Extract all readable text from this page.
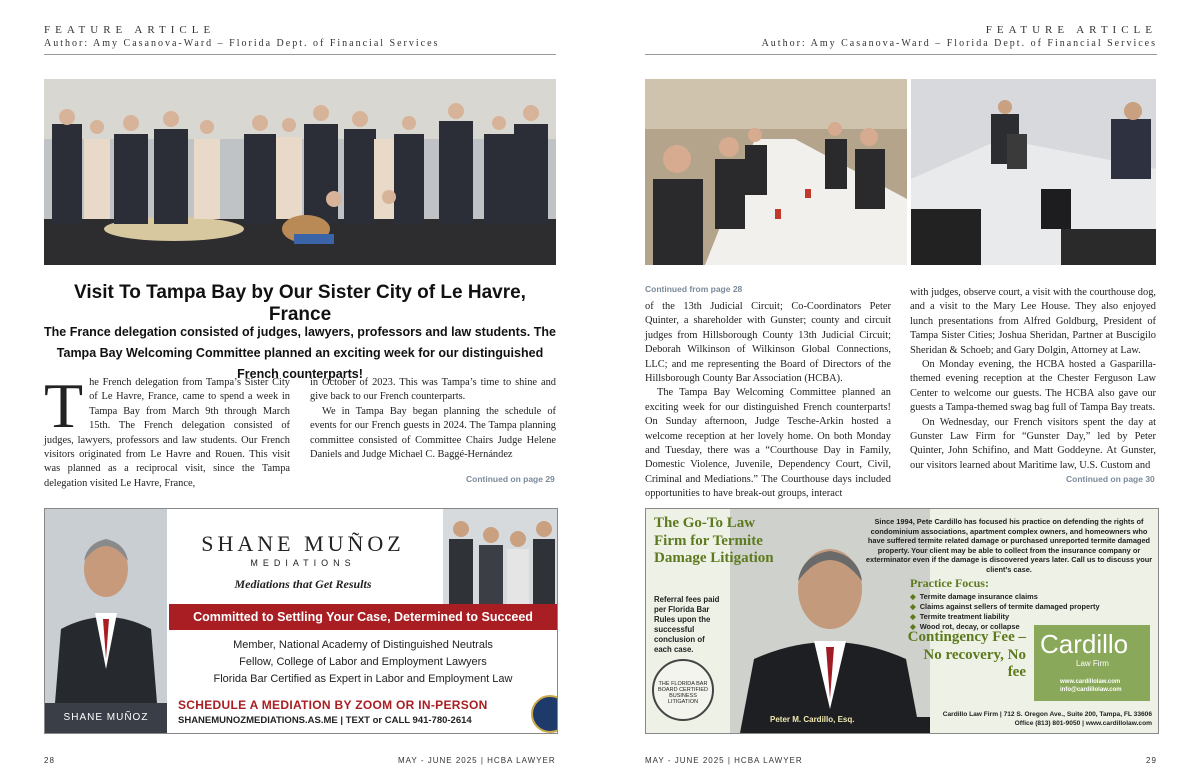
FEATURE ARTICLE
Author: Amy Casanova-Ward – Florida Dept. of Financial Services
Visit To Tampa Bay by Our Sister City of Le Havre, France
The France delegation consisted of judges, lawyers, professors and law students. The Tampa Bay Welcoming Committee planned an exciting week for our distinguished French counterparts!
T he French delegation from Tampa’s Sister City of Le Havre, France, came to spend a week in Tampa Bay from March 9th through March 15th. The French delegation consisted of judges, lawyers, professors and law students. Our French visitors originated from Le Havre and Rouen. This visit was planned as a reciprocal visit, since the Tampa delegation visited Le Havre, France,

in October of 2023. This was Tampa’s time to shine and give back to our French counterparts.

We in Tampa Bay began planning the schedule of events for our French guests in 2024. The Tampa planning committee consisted of Committee Chairs Judge Helene Daniels and Judge Michael C. Baggé-Hernández

Continued on page 29
SHANE MUÑOZ
SHANE MUÑOZ
MEDIATIONS
Mediations that Get Results
Committed to Settling Your Case, Determined to Succeed
Member, National Academy of Distinguished Neutrals
Fellow, College of Labor and Employment Lawyers
Florida Bar Certified as Expert in Labor and Employment Law
SCHEDULE A MEDIATION BY ZOOM OR IN-PERSON
SHANEMUNOZMEDIATIONS.AS.ME | TEXT or CALL 941-780-2614
28	MAY - JUNE 2025 | HCBA LAWYER
FEATURE ARTICLE
Author: Amy Casanova-Ward – Florida Dept. of Financial Services
Continued from page 28

of the 13th Judicial Circuit; Co-Coordinators Peter Quinter, a shareholder with Gunster; county and circuit judges from Hillsborough County 13th Judicial Circuit; Deborah Wilkinson of Wilkinson Global Connections, LLC; and me representing the Board of Directors of the Hillsborough County Bar Association (HCBA).

The Tampa Bay Welcoming Committee planned an exciting week for our distinguished French counterparts! On Sunday afternoon, Judge Tesche-Arkin hosted a welcome reception at her lovely home. On both Monday and Tuesday, there was a “Courthouse Day in Family, Domestic Violence, Juvenile, Dependency Court, Civil, Criminal and Mediations.” The Courthouse days included opportunities to have break-out groups, interact

with judges, observe court, a visit with the courthouse dog, and a visit to the Mary Lee House. They also enjoyed lunch presentations from Alfred Goldburg, President of Tampa Sister Cities; Joshua Sheridan, Partner at Buscigilo Sheridan & Schoeb; and Gary Dolgin, Attorney at Law.

On Monday evening, the HCBA hosted a Gasparilla-themed evening reception at the Chester Ferguson Law Center to welcome our guests. The HCBA also gave our guests a Tampa-themed swag bag full of Tampa Bay treats.

On Wednesday, our French visitors spent the day at Gunster Law Firm for “Gunster Day,” led by Peter Quinter, John Schifino, and Matt Goddeyne. At Gunster, our visitors learned about Maritime law, U.S. Custom and

Continued on page 30
Peter M. Cardillo, Esq.
The Go-To Law Firm for Termite Damage Litigation
Referral fees paid per Florida Bar Rules upon the successful conclusion of each case.
THE FLORIDA BAR BOARD CERTIFIED BUSINESS LITIGATION
Since 1994, Pete Cardillo has focused his practice on defending the rights of condominium associations, apartment complex owners, and homeowners who have suffered termite related damage or purchased unreported termite damaged property. Your client may be able to collect from the insurance company or exterminator even if the damage is discovered years later. Call us to discuss your client’s case.
Practice Focus:
◆ Termite damage insurance claims
◆ Claims against sellers of termite damaged property
◆ Termite treatment liability
◆ Wood rot, decay, or collapse
Contingency Fee – No recovery, No fee
Cardillo
Law Firm
www.cardillolaw.com
info@cardillolaw.com
Cardillo Law Firm | 712 S. Oregon Ave., Suite 200, Tampa, FL 33606
Office (813) 801-9050 | www.cardillolaw.com
MAY - JUNE 2025 | HCBA LAWYER	29
